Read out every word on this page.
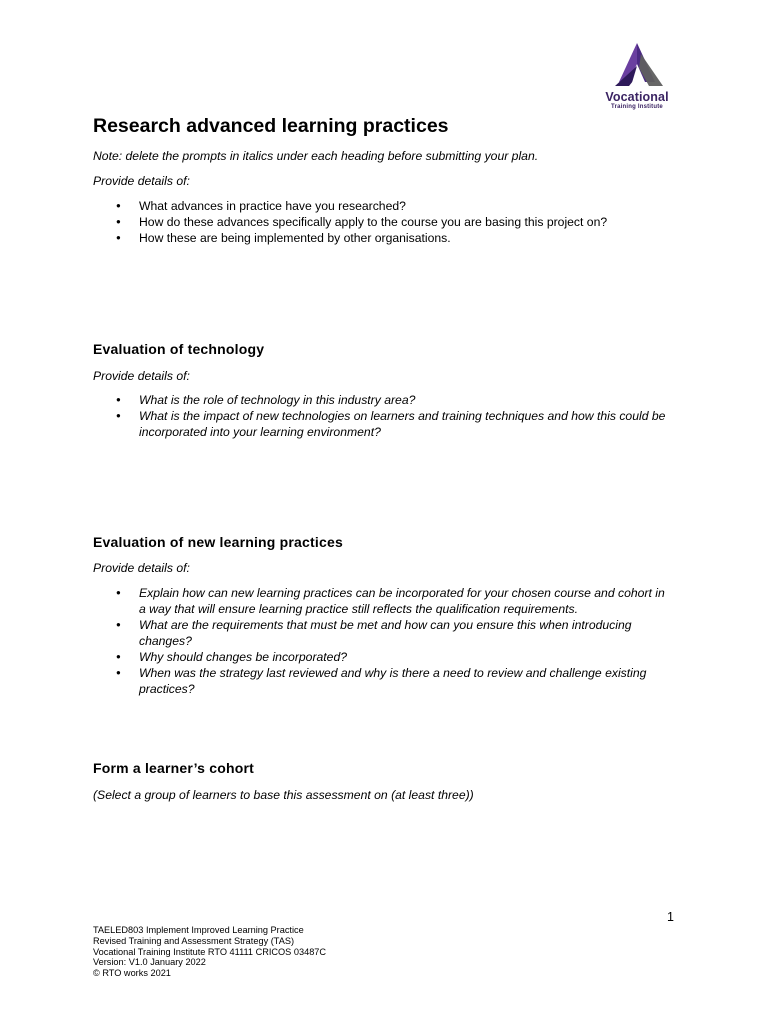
Vocational
Training Institute
Research advanced learning practices

Note: delete the prompts in italics under each heading before submitting your plan.

Provide details of:

● What advances in practice have you researched?
● How do these advances specifically apply to the course you are basing this project on?
● How these are being implemented by other organisations.
Evaluation of technology

Provide details of:

● What is the role of technology in this industry area?
● What is the impact of new technologies on learners and training techniques and how this could be incorporated into your learning environment?
Evaluation of new learning practices

Provide details of:

● Explain how can new learning practices can be incorporated for your chosen course and cohort in a way that will ensure learning practice still reflects the qualification requirements.
● What are the requirements that must be met and how can you ensure this when introducing changes?
● Why should changes be incorporated?
● When was the strategy last reviewed and why is there a need to review and challenge existing practices?
Form a learner’s cohort

(Select a group of learners to base this assessment on (at least three))

1
TAELED803 Implement Improved Learning Practice
Revised Training and Assessment Strategy (TAS)
Vocational Training Institute RTO 41111 CRICOS 03487C
Version: V1.0 January 2022
© RTO works 2021
